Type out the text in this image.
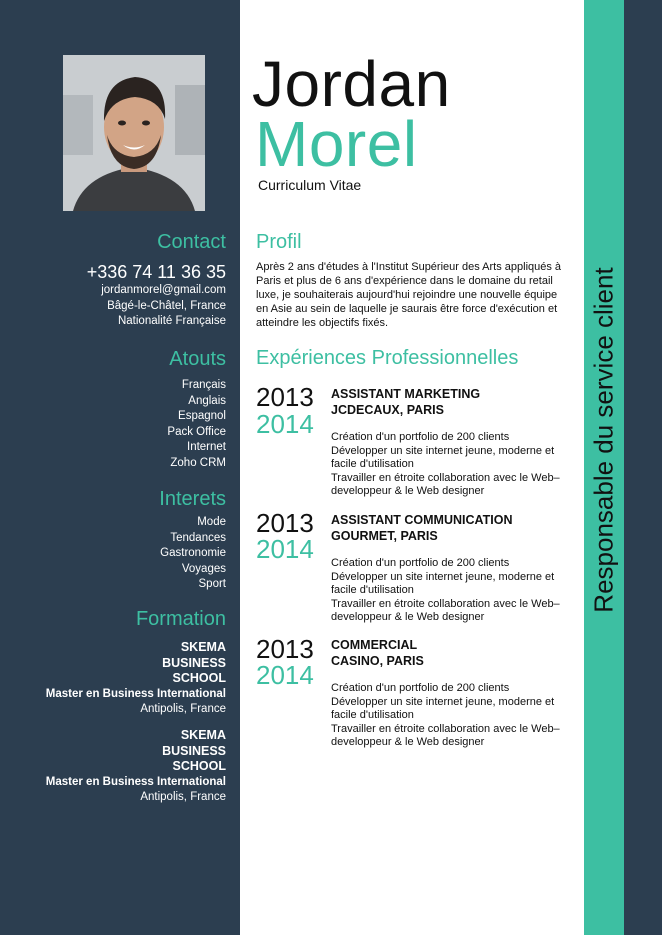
Jordan
Morel
Curriculum Vitae
Responsable du service client
Contact
+336 74 11 36 35
jordanmorel@gmail.com
Bâgé-le-Châtel, France
Nationalité Française
Atouts
Français
Anglais
Espagnol
Pack Office
Internet
Zoho CRM
Interets
Mode
Tendances
Gastronomie
Voyages
Sport
Formation
SKEMA
BUSINESS
SCHOOL
Master en Business International
Antipolis, France
SKEMA
BUSINESS
SCHOOL
Master en Business International
Antipolis, France
Profil
Après 2 ans d'études à l'Institut Supérieur des Arts appliqués à Paris et plus de 6 ans d'expérience dans le domaine du retail luxe, je souhaiterais aujourd'hui rejoindre une nouvelle équipe en Asie au sein de laquelle je saurais être force d'exécution et atteindre les objectifs fixés.
Expériences Professionnelles
2013
2014
ASSISTANT MARKETING
JCDECAUX, PARIS
Création d'un portfolio de 200 clients
Développer un site internet jeune, moderne et facile d'utilisation
Travailler en étroite collaboration avec le Web–developpeur & le Web designer
2013
2014
ASSISTANT COMMUNICATION
GOURMET, PARIS
Création d'un portfolio de 200 clients
Développer un site internet jeune, moderne et facile d'utilisation
Travailler en étroite collaboration avec le Web–developpeur & le Web designer
2013
2014
COMMERCIAL
CASINO, PARIS
Création d'un portfolio de 200 clients
Développer un site internet jeune, moderne et facile d'utilisation
Travailler en étroite collaboration avec le Web–developpeur & le Web designer
